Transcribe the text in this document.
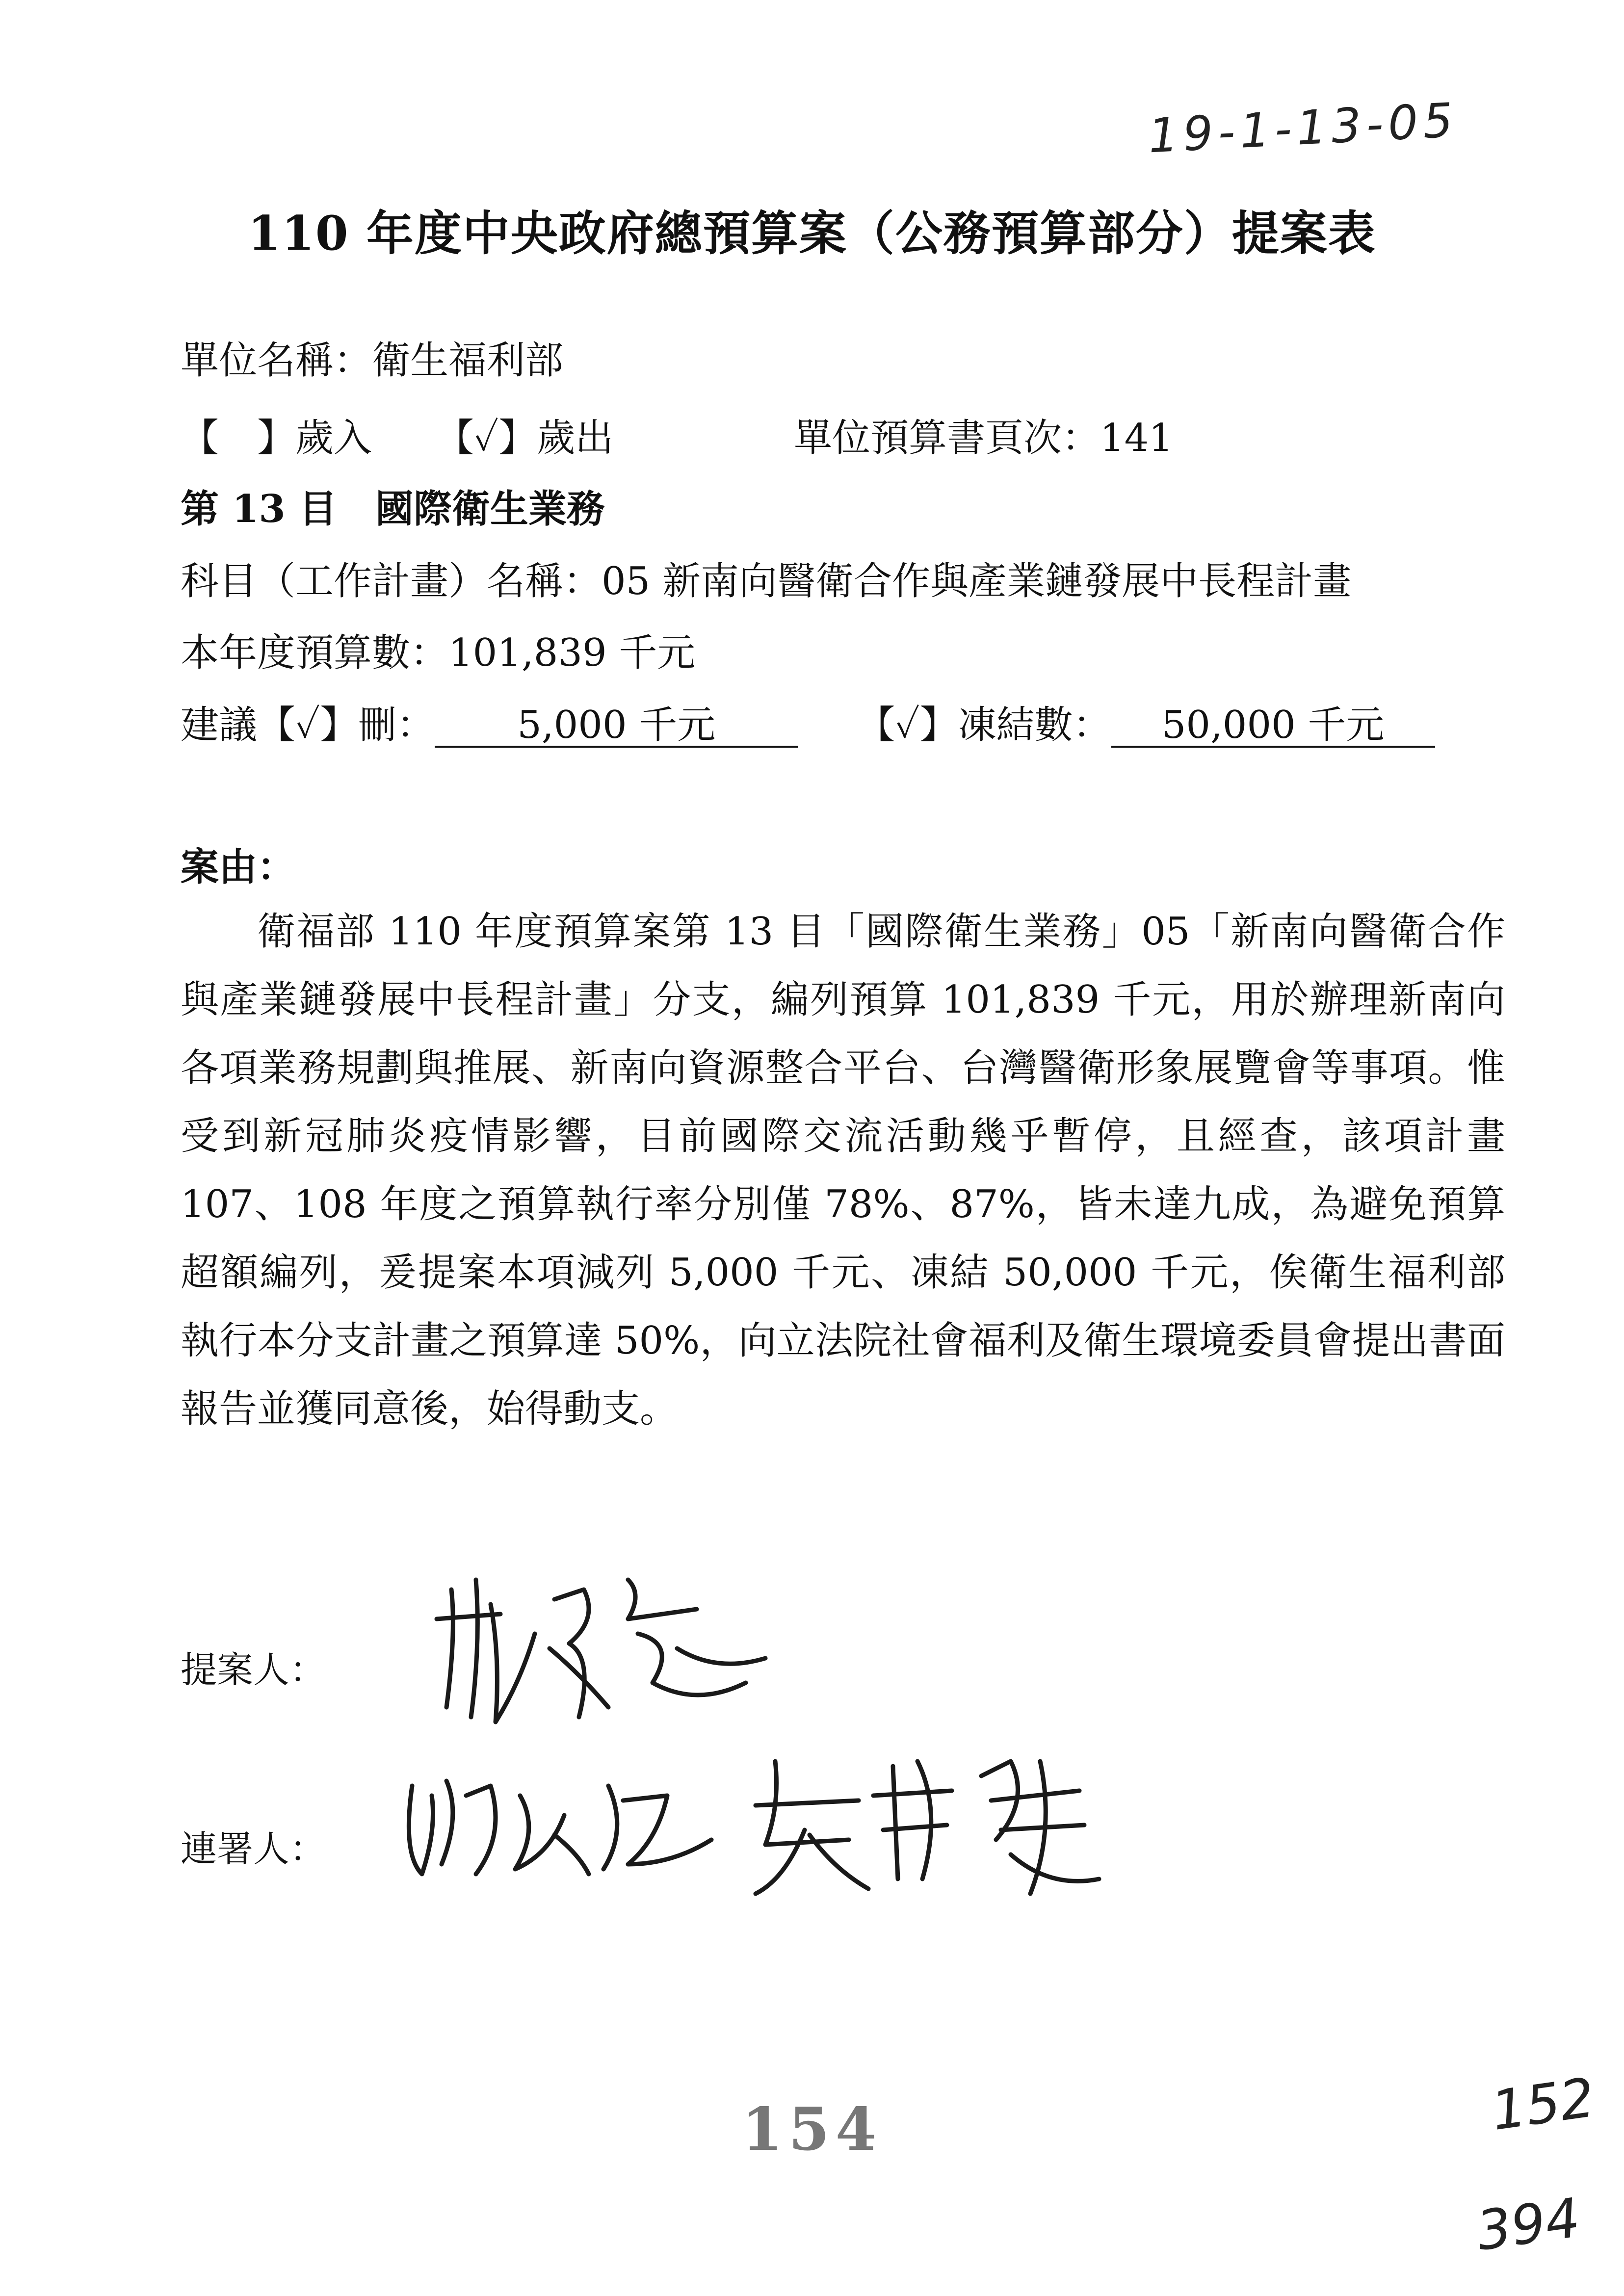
19-1-13-05
110 年度中央政府總預算案（公務預算部分）提案表
單位名稱：衛生福利部
【　】歲入 【✓】歲出	單位預算書頁次：141
第 13 目　國際衛生業務
科目（工作計畫）名稱：05 新南向醫衛合作與產業鏈發展中長程計畫
本年度預算數：101,839 千元
建議【✓】刪： 5,000 千元	【✓】凍結數： 50,000 千元
案由：

衛福部 110 年度預算案第 13 目「國際衛生業務」05「新南向醫衛合作與產業鏈發展中長程計畫」分支，編列預算 101,839 千元，用於辦理新南向各項業務規劃與推展、新南向資源整合平台、台灣醫衛形象展覽會等事項。惟受到新冠肺炎疫情影響，目前國際交流活動幾乎暫停，且經查，該項計畫 107、108 年度之預算執行率分別僅 78%、87%，皆未達九成，為避免預算超額編列，爰提案本項減列 5,000 千元、凍結 50,000 千元，俟衛生福利部執行本分支計畫之預算達 50%，向立法院社會福利及衛生環境委員會提出書面報告並獲同意後，始得動支。

提案人：
連署人：
154	152
394
